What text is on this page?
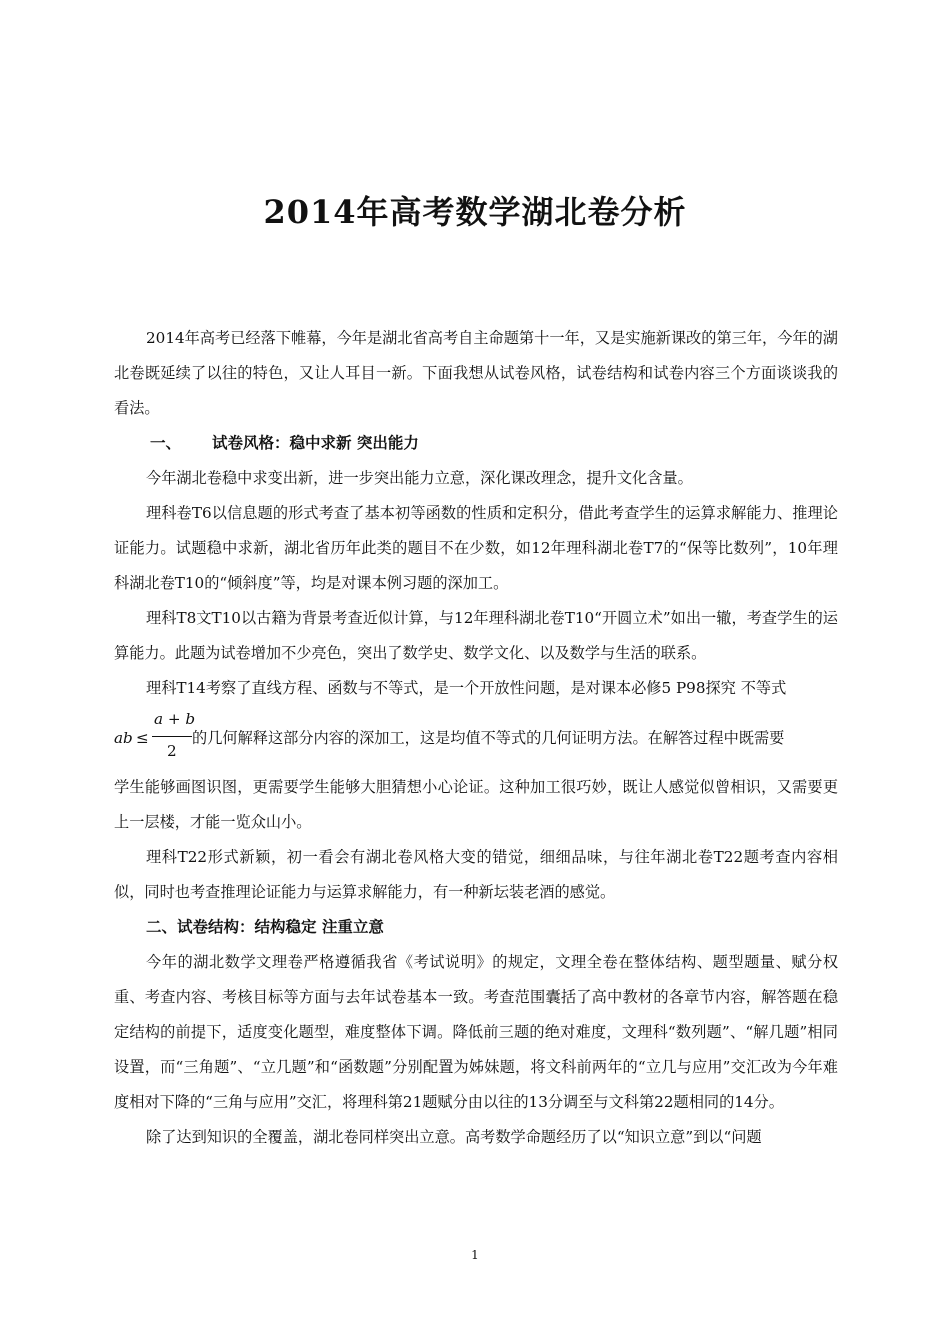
2014年高考数学湖北卷分析

2014年高考已经落下帷幕，今年是湖北省高考自主命题第十一年，又是实施新课改的第三年，今年的湖北卷既延续了以往的特色，又让人耳目一新。下面我想从试卷风格，试卷结构和试卷内容三个方面谈谈我的看法。

一、 试卷风格：稳中求新 突出能力

今年湖北卷稳中求变出新，进一步突出能力立意，深化课改理念，提升文化含量。

理科卷T6以信息题的形式考查了基本初等函数的性质和定积分，借此考查学生的运算求解能力、推理论证能力。试题稳中求新，湖北省历年此类的题目不在少数，如12年理科湖北卷T7的“保等比数列”，10年理科湖北卷T10的“倾斜度”等，均是对课本例习题的深加工。

理科T8文T10以古籍为背景考查近似计算，与12年理科湖北卷T10“开圆立术”如出一辙，考查学生的运算能力。此题为试卷增加不少亮色，突出了数学史、数学文化、以及数学与生活的联系。

理科T14考察了直线方程、函数与不等式，是一个开放性问题，是对课本必修5 P98探究 不等式

ab ≤
a + b
2
的几何解释这部分内容的深加工，这是均值不等式的几何证明方法。在解答过程中既需要

学生能够画图识图，更需要学生能够大胆猜想小心论证。这种加工很巧妙，既让人感觉似曾相识，又需要更上一层楼，才能一览众山小。

理科T22形式新颖，初一看会有湖北卷风格大变的错觉，细细品味，与往年湖北卷T22题考查内容相似，同时也考查推理论证能力与运算求解能力，有一种新坛装老酒的感觉。

二、试卷结构：结构稳定 注重立意

今年的湖北数学文理卷严格遵循我省《考试说明》的规定，文理全卷在整体结构、题型题量、赋分权重、考查内容、考核目标等方面与去年试卷基本一致。考查范围囊括了高中教材的各章节内容，解答题在稳定结构的前提下，适度变化题型，难度整体下调。降低前三题的绝对难度，文理科“数列题”、“解几题”相同设置，而“三角题”、“立几题”和“函数题”分别配置为姊妹题，将文科前两年的“立几与应用”交汇改为今年难度相对下降的“三角与应用”交汇，将理科第21题赋分由以往的13分调至与文科第22题相同的14分。

除了达到知识的全覆盖，湖北卷同样突出立意。高考数学命题经历了以“知识立意”到以“问题

1
